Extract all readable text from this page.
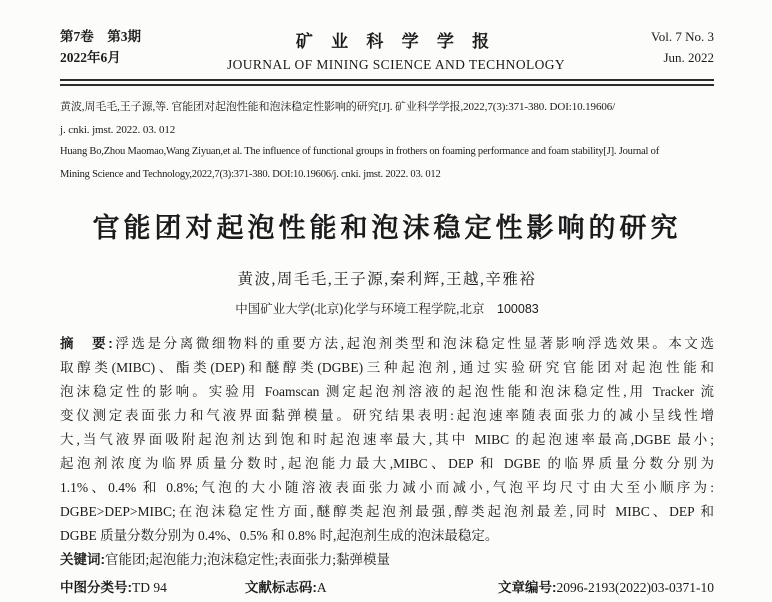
第7卷　第3期
2022年6月
矿 业 科 学 学 报
JOURNAL OF MINING SCIENCE AND TECHNOLOGY
Vol. 7 No. 3
Jun. 2022
黄波,周毛毛,王子源,等. 官能团对起泡性能和泡沫稳定性影响的研究[J]. 矿业科学学报,2022,7(3):371-380. DOI:10.19606/
j. cnki. jmst. 2022. 03. 012
Huang Bo,Zhou Maomao,Wang Ziyuan,et al. The influence of functional groups in frothers on foaming performance and foam stability[J]. Journal of
Mining Science and Technology,2022,7(3):371-380. DOI:10.19606/j. cnki. jmst. 2022. 03. 012
官能团对起泡性能和泡沫稳定性影响的研究
黄波,周毛毛,王子源,秦利辉,王越,辛雅裕
中国矿业大学(北京)化学与环境工程学院,北京　100083
摘　要:浮选是分离微细物料的重要方法,起泡剂类型和泡沫稳定性显著影响浮选效果。本文选
取醇类(MIBC)、酯类(DEP)和醚醇类(DGBE)三种起泡剂,通过实验研究官能团对起泡性能和
泡沫稳定性的影响。实验用 Foamscan 测定起泡剂溶液的起泡性能和泡沫稳定性,用 Tracker 流
变仪测定表面张力和气液界面黏弹模量。研究结果表明:起泡速率随表面张力的减小呈线性增
大,当气液界面吸附起泡剂达到饱和时起泡速率最大,其中 MIBC 的起泡速率最高,DGBE 最小;
起泡剂浓度为临界质量分数时,起泡能力最大,MIBC、DEP 和 DGBE 的临界质量分数分别为
1.1%、0.4% 和 0.8%;气泡的大小随溶液表面张力减小而减小,气泡平均尺寸由大至小顺序为:
DGBE>DEP>MIBC;在泡沫稳定性方面,醚醇类起泡剂最强,醇类起泡剂最差,同时 MIBC、DEP 和
DGBE 质量分数分别为 0.4%、0.5% 和 0.8% 时,起泡剂生成的泡沫最稳定。
关键词:官能团;起泡能力;泡沫稳定性;表面张力;黏弹模量
中图分类号:TD 94	文献标志码:A	文章编号:2096-2193(2022)03-0371-10
